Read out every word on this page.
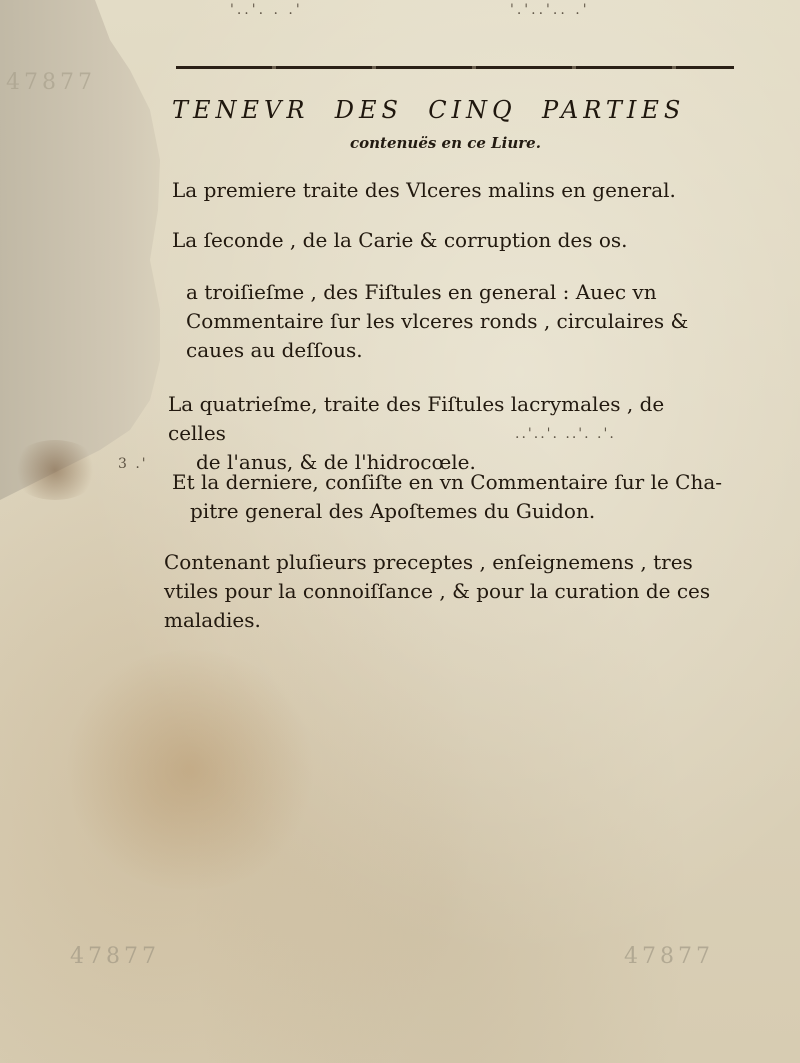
'..'. . .'	'.'..'.. .'
47877
TENEVR DES CINQ PARTIES
contenuës en ce Liure.
La premiere traite des Vlceres malins en general.
La ſeconde , de la Carie & corruption des os.
a troiſieſme , des Fiſtules en general : Auec vn Commentaire ſur les vlceres ronds , circulaires & caues au deſſous.
La quatrieſme, traite des Fiſtules lacrymales , de celles
de l'anus, & de l'hidrocœle.
..'..'. ..'. .'.
3 .'
Et la derniere, conſiſte en vn Commentaire ſur le Cha-
pitre general des Apoſtemes du Guidon.
Contenant pluſieurs preceptes , enſeignemens , tres vtiles pour la connoiſſance , & pour la curation de ces maladies.
47877	47877
